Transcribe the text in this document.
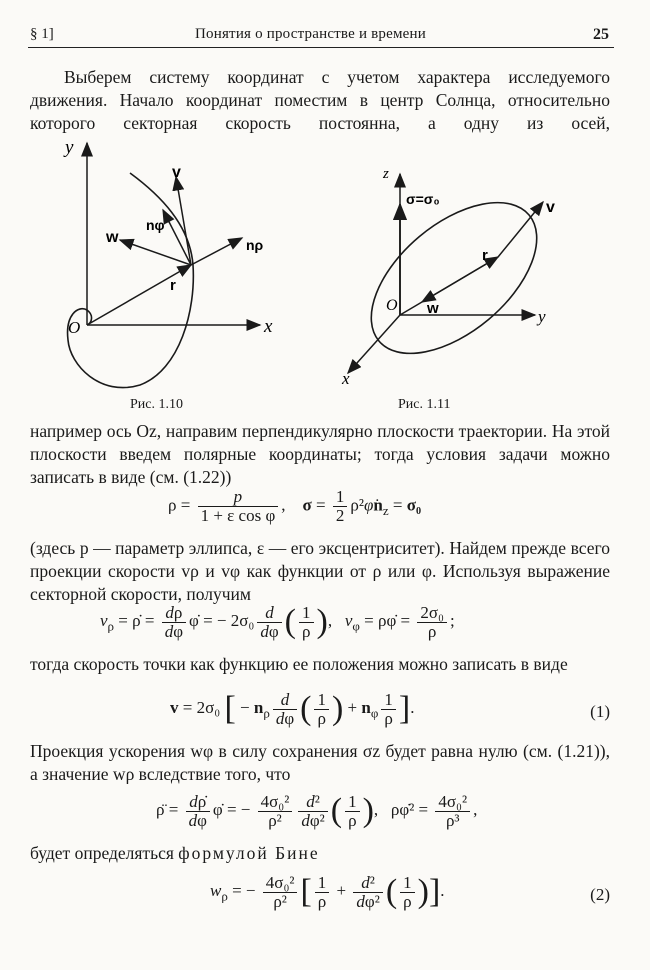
§ 1]	Понятия о пространстве и времени	25
Выберем систему координат с учетом характера исследуемого движения. Начало координат поместим в центр Солнца, относительно которого секторная скорость постоянна, а одну из осей,
y
x
O
v
nφ
w	nρ
r
Рис. 1.10
z
σ=σ₀	v
r
O w	y
x
Рис. 1.11
например ось Oz, направим перпендикулярно плоскости траектории. На этой плоскости введем полярные координаты; тогда условия задачи можно записать в виде (см. (1.22))
$\rho = \frac{p}{\text{1 + ε cos φ}}$ ,    $\sigma = \frac{1}{2}$ $\rho^2\varphi̇n_z = \sigma_0$
(здесь p — параметр эллипса, ε — его эксцентриситет). Найдем прежде всего проекции скорости vρ и vφ как функции от ρ или φ. Используя выражение секторной скорости, получим
$v_\rho$ = ρ̇ = $\frac{d\rho}{d\varphi}$ φ̇ = − $2\sigma_0 \frac{d}{d\varphi}$ ( $\frac{1}{\rho}$ ),   $v_\varphi$ = ρφ̇ = $\frac{\text{2σ₀}}{\rho}$ ;
тогда скорость точки как функцию ее положения можно записать в виде
v = 2σ₀ [ − $n_\rho \frac{d}{d\varphi}$ ( $\frac{1}{\rho}$ ) + $n_\varphi \frac{1}{\rho}$ ].	(1)
Проекция ускорения wφ в силу сохранения σz будет равна нулю (см. (1.21)), а значение wρ вследствие того, что
ρ̈ = $\frac{d\rhȯ}{d\varphi}$ φ̇ = − $\frac{\text{4σ₀²}}{\text{ρ²}} \frac{\text{d²}}{\text{dφ²}}$ ( $\frac{1}{\rho}$ ),   ρφ̇² = $\frac{\text{4σ₀²}}{\text{ρ³}}$ ,
будет определяться формулой Бине
$w_\rho$ = − $\frac{\text{4σ₀²}}{\text{ρ²}}$ [ $\frac{1}{\rho} + \frac{\text{d²}}{\text{dφ²}}$ ( $\frac{1}{\rho}$ )].	(2)
